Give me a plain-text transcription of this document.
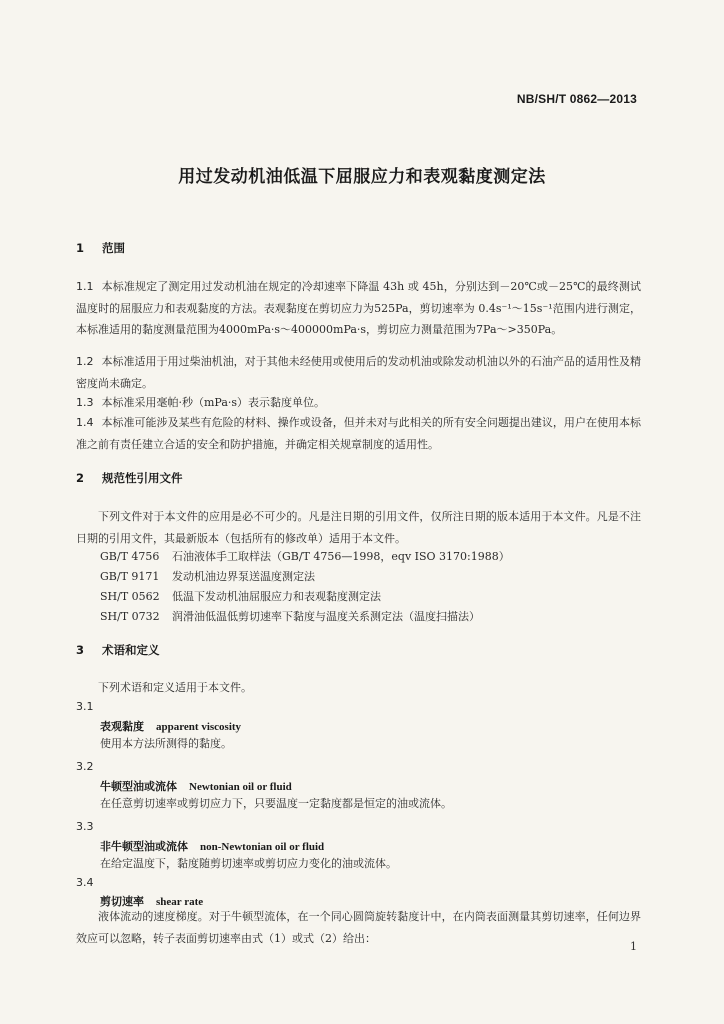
NB/SH/T 0862—2013
用过发动机油低温下屈服应力和表观黏度测定法
1 范围
1.1 本标准规定了测定用过发动机油在规定的冷却速率下降温 43h 或 45h，分别达到－20℃或－25℃的最终测试温度时的屈服应力和表观黏度的方法。表观黏度在剪切应力为525Pa，剪切速率为 0.4s⁻¹～15s⁻¹范围内进行测定，本标准适用的黏度测量范围为4000mPa·s～400000mPa·s，剪切应力测量范围为7Pa～>350Pa。
1.2 本标准适用于用过柴油机油，对于其他未经使用或使用后的发动机油或除发动机油以外的石油产品的适用性及精密度尚未确定。
1.3 本标准采用毫帕·秒（mPa·s）表示黏度单位。
1.4 本标准可能涉及某些有危险的材料、操作或设备，但并未对与此相关的所有安全问题提出建议，用户在使用本标准之前有责任建立合适的安全和防护措施，并确定相关规章制度的适用性。
2 规范性引用文件
下列文件对于本文件的应用是必不可少的。凡是注日期的引用文件，仅所注日期的版本适用于本文件。凡是不注日期的引用文件，其最新版本（包括所有的修改单）适用于本文件。
GB/T 4756 石油液体手工取样法（GB/T 4756—1998，eqv ISO 3170:1988）
GB/T 9171 发动机油边界泵送温度测定法
SH/T 0562 低温下发动机油屈服应力和表观黏度测定法
SH/T 0732 润滑油低温低剪切速率下黏度与温度关系测定法（温度扫描法）
3 术语和定义
下列术语和定义适用于本文件。
3.1
表观黏度 apparent viscosity
使用本方法所测得的黏度。
3.2
牛顿型油或流体 Newtonian oil or fluid
在任意剪切速率或剪切应力下，只要温度一定黏度都是恒定的油或流体。
3.3
非牛顿型油或流体 non-Newtonian oil or fluid
在给定温度下，黏度随剪切速率或剪切应力变化的油或流体。
3.4
剪切速率 shear rate
液体流动的速度梯度。对于牛顿型流体，在一个同心圆筒旋转黏度计中，在内筒表面测量其剪切速率，任何边界效应可以忽略，转子表面剪切速率由式（1）或式（2）给出：
1
